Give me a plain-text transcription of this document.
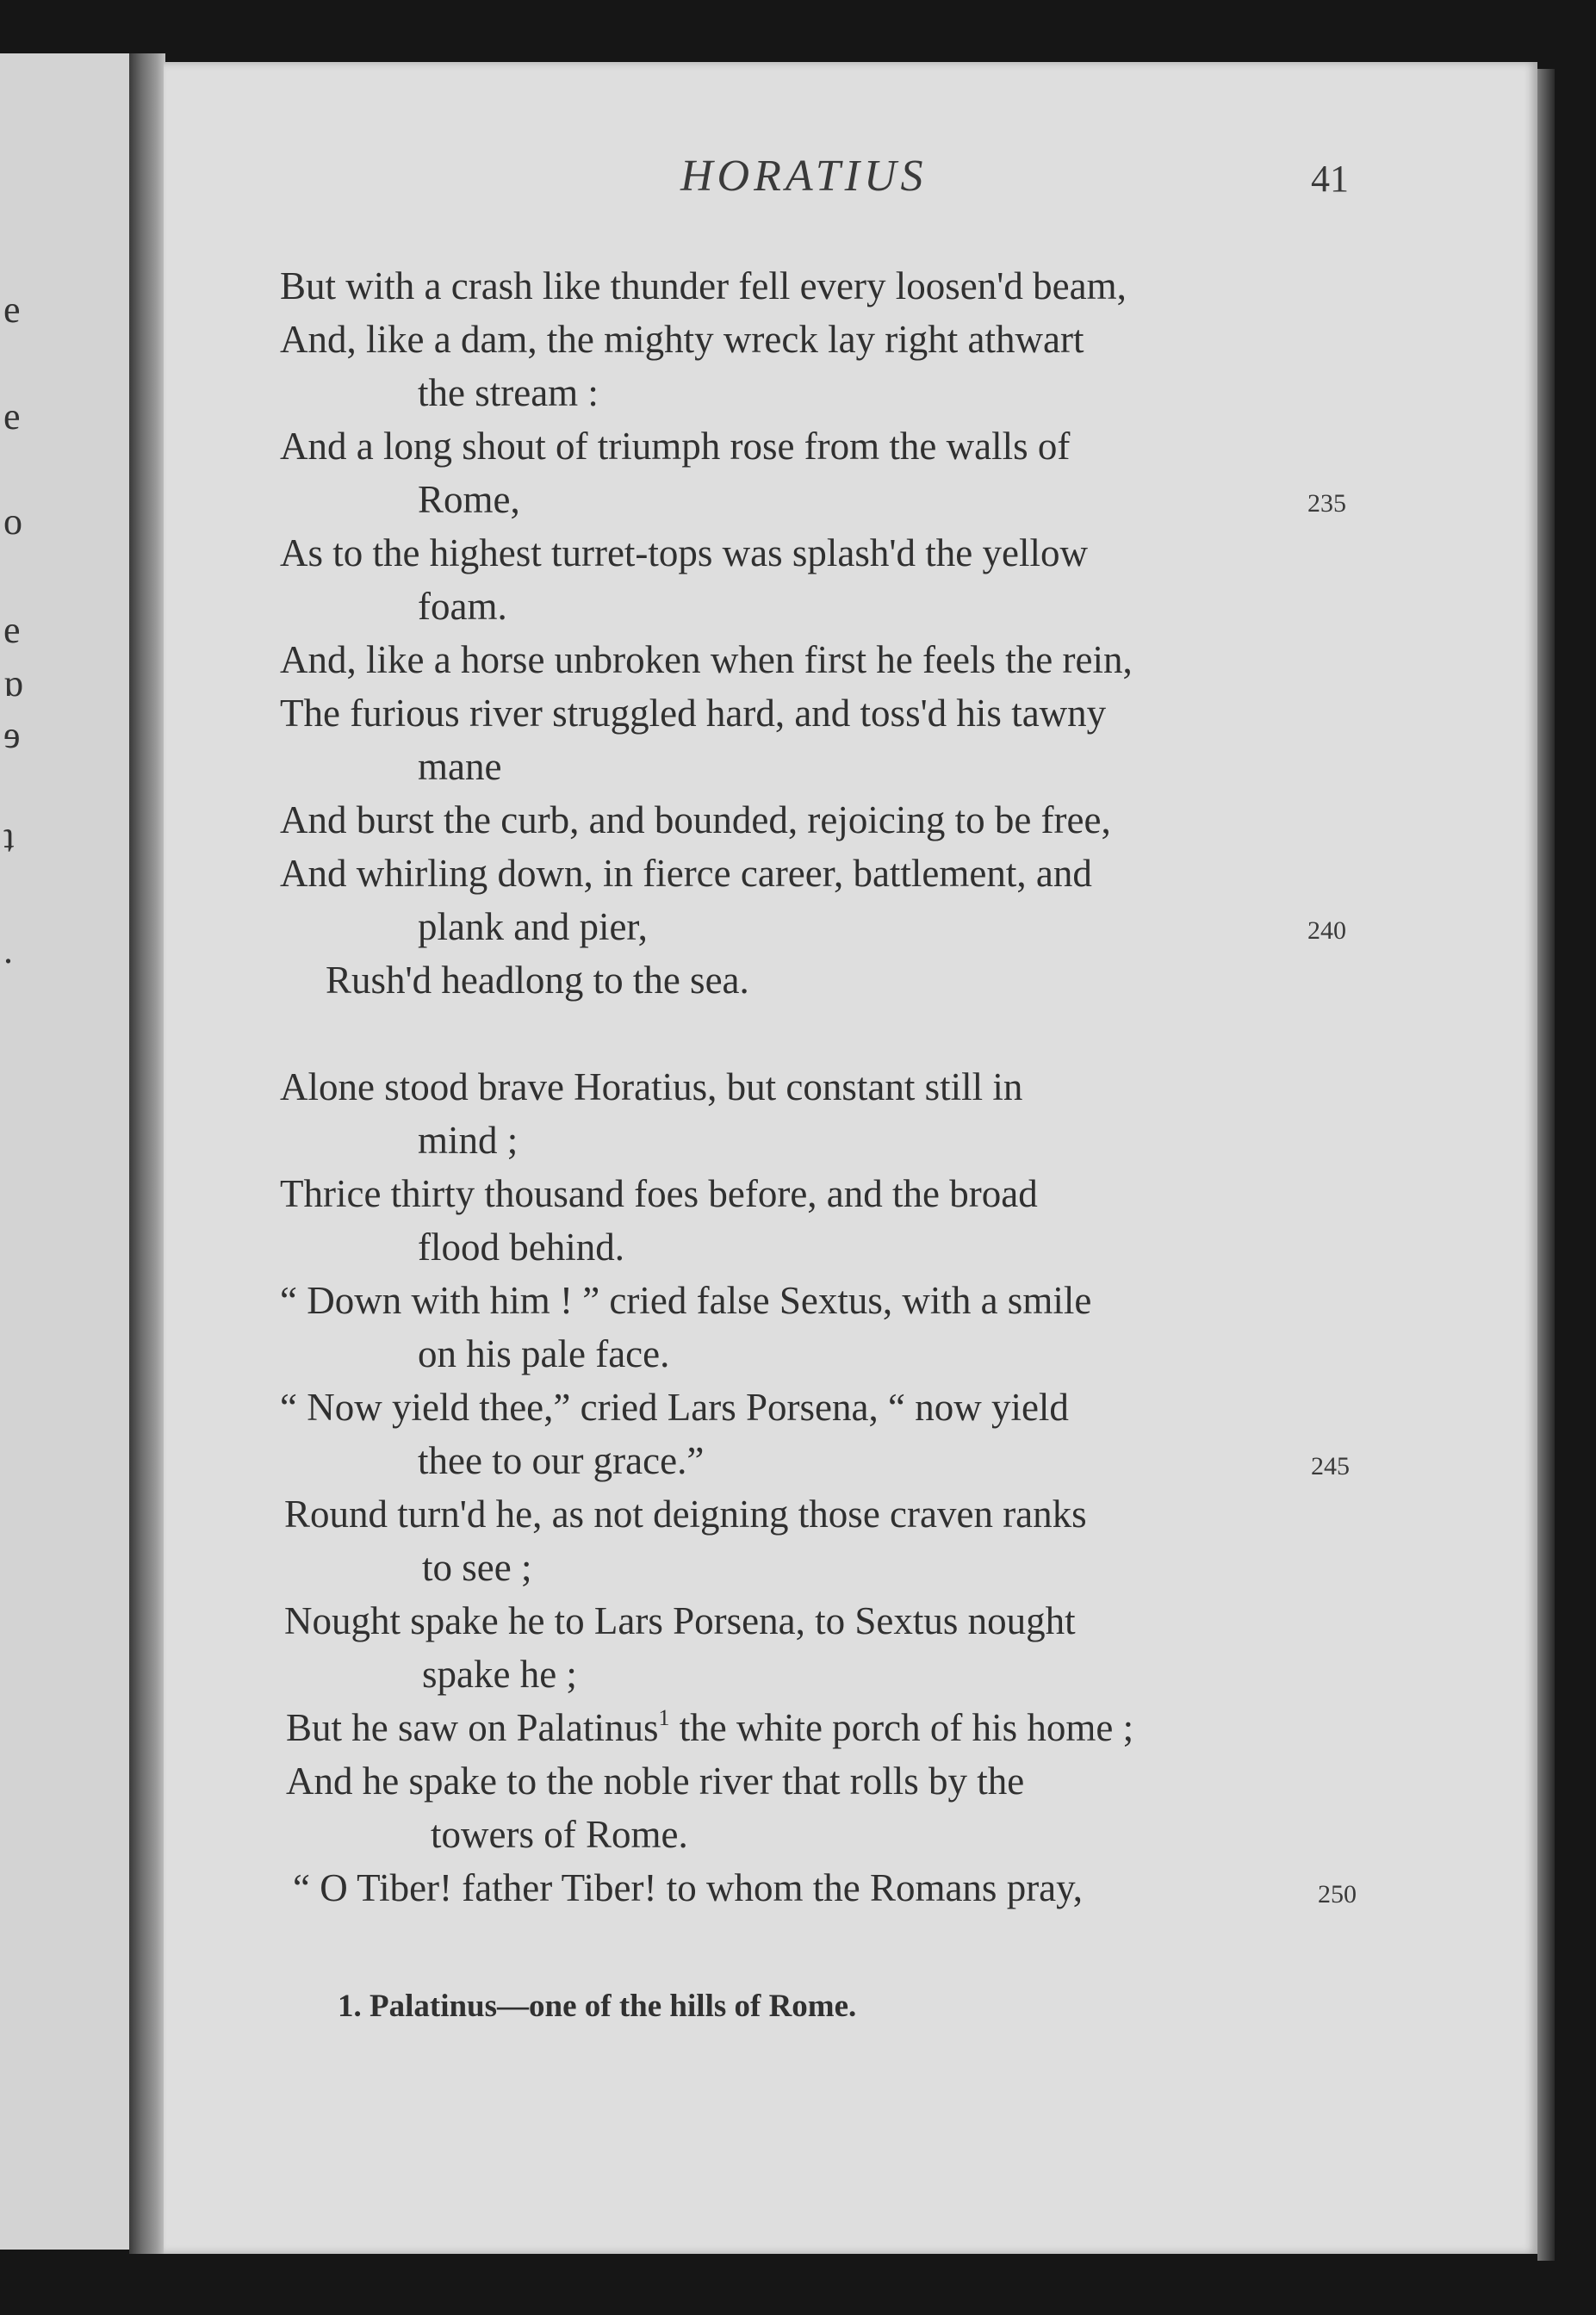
e
e
o
e
ɒ
ɘ
ʇ
.
HORATIUS	41
But with a crash like thunder fell every loosen'd beam,
And, like a dam, the mighty wreck lay right athwart
the stream :
And a long shout of triumph rose from the walls of
Rome,	235
As to the highest turret-tops was splash'd the yellow
foam.
And, like a horse unbroken when first he feels the rein,
The furious river struggled hard, and toss'd his tawny
mane
And burst the curb, and bounded, rejoicing to be free,
And whirling down, in fierce career, battlement, and
plank and pier,	240
Rush'd headlong to the sea.
Alone stood brave Horatius, but constant still in
mind ;
Thrice thirty thousand foes before, and the broad
flood behind.
“ Down with him ! ” cried false Sextus, with a smile
on his pale face.
“ Now yield thee,” cried Lars Porsena, “ now yield
thee to our grace.”	245
Round turn'd he, as not deigning those craven ranks
to see ;
Nought spake he to Lars Porsena, to Sextus nought
spake he ;
But he saw on Palatinus$^1$ the white porch of his home ;
And he spake to the noble river that rolls by the
towers of Rome.
“ O Tiber! father Tiber! to whom the Romans pray,	250
1. Palatinus—one of the hills of Rome.
